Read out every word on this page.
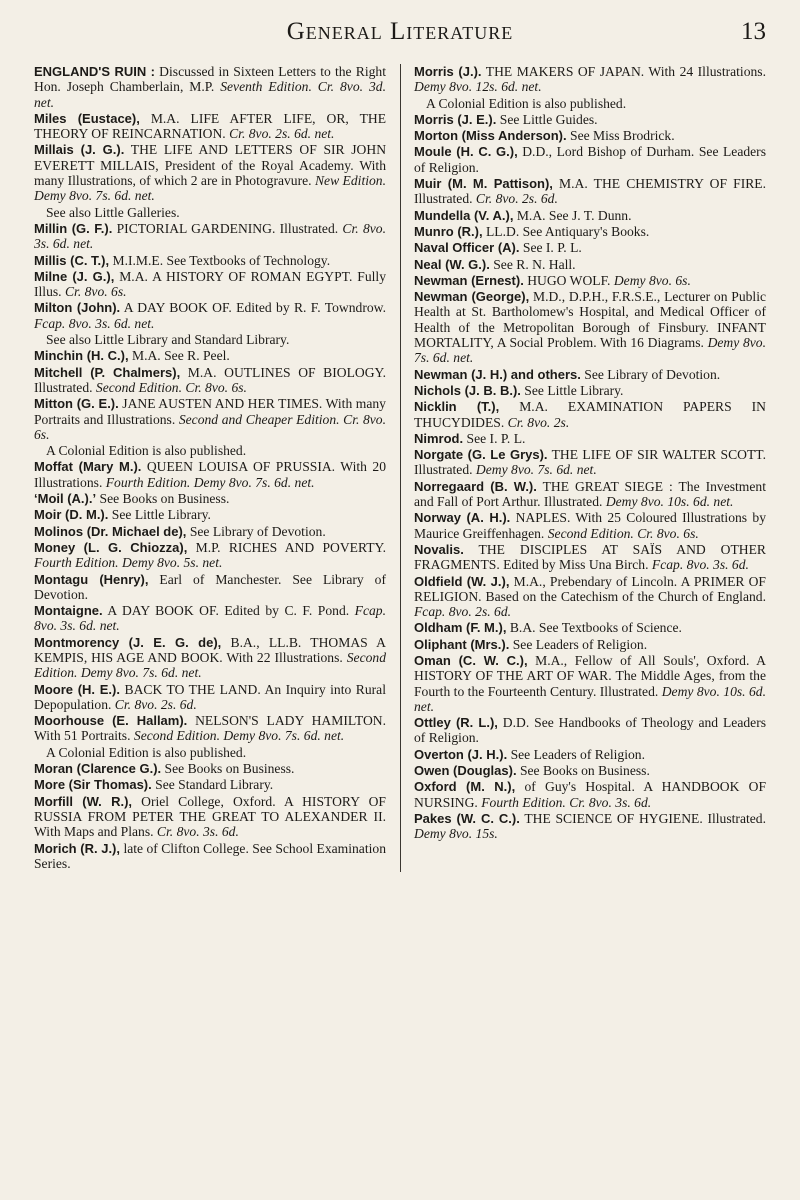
General Literature	13
ENGLAND'S RUIN : Discussed in Sixteen Letters to the Right Hon. Joseph Chamberlain, M.P. Seventh Edition. Cr. 8vo. 3d. net.
Miles (Eustace), M.A. LIFE AFTER LIFE, OR, THE THEORY OF REINCARNATION. Cr. 8vo. 2s. 6d. net.
Millais (J. G.). THE LIFE AND LETTERS OF SIR JOHN EVERETT MILLAIS, President of the Royal Academy. With many Illustrations, of which 2 are in Photogravure. New Edition. Demy 8vo. 7s. 6d. net.
See also Little Galleries.
Millin (G. F.). PICTORIAL GARDENING. Illustrated. Cr. 8vo. 3s. 6d. net.
Millis (C. T.), M.I.M.E. See Textbooks of Technology.
Milne (J. G.), M.A. A HISTORY OF ROMAN EGYPT. Fully Illus. Cr. 8vo. 6s.
Milton (John). A DAY BOOK OF. Edited by R. F. Towndrow. Fcap. 8vo. 3s. 6d. net.
See also Little Library and Standard Library.
Minchin (H. C.), M.A. See R. Peel.
Mitchell (P. Chalmers), M.A. OUTLINES OF BIOLOGY. Illustrated. Second Edition. Cr. 8vo. 6s.
Mitton (G. E.). JANE AUSTEN AND HER TIMES. With many Portraits and Illustrations. Second and Cheaper Edition. Cr. 8vo. 6s.
A Colonial Edition is also published.
Moffat (Mary M.). QUEEN LOUISA OF PRUSSIA. With 20 Illustrations. Fourth Edition. Demy 8vo. 7s. 6d. net.
‘Moil (A.).’ See Books on Business.
Moir (D. M.). See Little Library.
Molinos (Dr. Michael de), See Library of Devotion.
Money (L. G. Chiozza), M.P. RICHES AND POVERTY. Fourth Edition. Demy 8vo. 5s. net.
Montagu (Henry), Earl of Manchester. See Library of Devotion.
Montaigne. A DAY BOOK OF. Edited by C. F. Pond. Fcap. 8vo. 3s. 6d. net.
Montmorency (J. E. G. de), B.A., LL.B. THOMAS A KEMPIS, HIS AGE AND BOOK. With 22 Illustrations. Second Edition. Demy 8vo. 7s. 6d. net.
Moore (H. E.). BACK TO THE LAND. An Inquiry into Rural Depopulation. Cr. 8vo. 2s. 6d.
Moorhouse (E. Hallam). NELSON'S LADY HAMILTON. With 51 Portraits. Second Edition. Demy 8vo. 7s. 6d. net.
A Colonial Edition is also published.
Moran (Clarence G.). See Books on Business.
More (Sir Thomas). See Standard Library.
Morfill (W. R.), Oriel College, Oxford. A HISTORY OF RUSSIA FROM PETER THE GREAT TO ALEXANDER II. With Maps and Plans. Cr. 8vo. 3s. 6d.
Morich (R. J.), late of Clifton College. See School Examination Series.
Morris (J.). THE MAKERS OF JAPAN. With 24 Illustrations. Demy 8vo. 12s. 6d. net.
A Colonial Edition is also published.
Morris (J. E.). See Little Guides.
Morton (Miss Anderson). See Miss Brodrick.
Moule (H. C. G.), D.D., Lord Bishop of Durham. See Leaders of Religion.
Muir (M. M. Pattison), M.A. THE CHEMISTRY OF FIRE. Illustrated. Cr. 8vo. 2s. 6d.
Mundella (V. A.), M.A. See J. T. Dunn.
Munro (R.), LL.D. See Antiquary's Books.
Naval Officer (A). See I. P. L.
Neal (W. G.). See R. N. Hall.
Newman (Ernest). HUGO WOLF. Demy 8vo. 6s.
Newman (George), M.D., D.P.H., F.R.S.E., Lecturer on Public Health at St. Bartholomew's Hospital, and Medical Officer of Health of the Metropolitan Borough of Finsbury. INFANT MORTALITY, A Social Problem. With 16 Diagrams. Demy 8vo. 7s. 6d. net.
Newman (J. H.) and others. See Library of Devotion.
Nichols (J. B. B.). See Little Library.
Nicklin (T.), M.A. EXAMINATION PAPERS IN THUCYDIDES. Cr. 8vo. 2s.
Nimrod. See I. P. L.
Norgate (G. Le Grys). THE LIFE OF SIR WALTER SCOTT. Illustrated. Demy 8vo. 7s. 6d. net.
Norregaard (B. W.). THE GREAT SIEGE : The Investment and Fall of Port Arthur. Illustrated. Demy 8vo. 10s. 6d. net.
Norway (A. H.). NAPLES. With 25 Coloured Illustrations by Maurice Greiffenhagen. Second Edition. Cr. 8vo. 6s.
Novalis. THE DISCIPLES AT SAÏS AND OTHER FRAGMENTS. Edited by Miss Una Birch. Fcap. 8vo. 3s. 6d.
Oldfield (W. J.), M.A., Prebendary of Lincoln. A PRIMER OF RELIGION. Based on the Catechism of the Church of England. Fcap. 8vo. 2s. 6d.
Oldham (F. M.), B.A. See Textbooks of Science.
Oliphant (Mrs.). See Leaders of Religion.
Oman (C. W. C.), M.A., Fellow of All Souls', Oxford. A HISTORY OF THE ART OF WAR. The Middle Ages, from the Fourth to the Fourteenth Century. Illustrated. Demy 8vo. 10s. 6d. net.
Ottley (R. L.), D.D. See Handbooks of Theology and Leaders of Religion.
Overton (J. H.). See Leaders of Religion.
Owen (Douglas). See Books on Business.
Oxford (M. N.), of Guy's Hospital. A HANDBOOK OF NURSING. Fourth Edition. Cr. 8vo. 3s. 6d.
Pakes (W. C. C.). THE SCIENCE OF HYGIENE. Illustrated. Demy 8vo. 15s.
